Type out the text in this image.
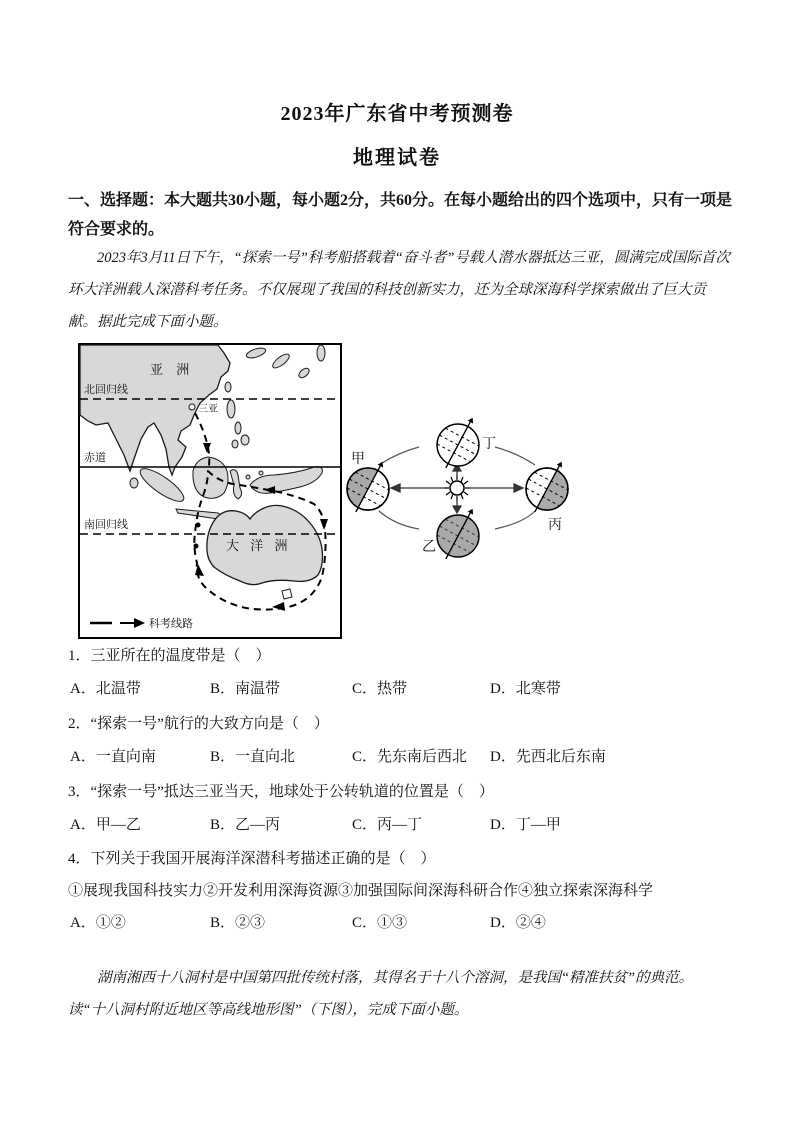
2023年广东省中考预测卷
地理试卷

一、选择题：本大题共30小题，每小题2分，共60分。在每小题给出的四个选项中，只有一项是符合要求的。

2023年3月11日下午，“探索一号”科考船搭载着“奋斗者”号载人潜水器抵达三亚，圆满完成国际首次环大洋洲载人深潜科考任务。不仅展现了我国的科技创新实力，还为全球深海科学探索做出了巨大贡献。据此完成下面小题。

亚 洲
北回归线
三亚
赤道
南回归线
大 洋 洲
科考线路
甲
丁
丙
乙
1．三亚所在的温度带是（　）
A．北温带	B．南温带	C．热带	D．北寒带
2．“探索一号”航行的大致方向是（　）
A．一直向南	B．一直向北	C．先东南后西北 D．先西北后东南
3．“探索一号”抵达三亚当天，地球处于公转轨道的位置是（　）
A．甲—乙	B．乙—丙	C．丙—丁	D．丁—甲
4．下列关于我国开展海洋深潜科考描述正确的是（　）
①展现我国科技实力②开发利用深海资源③加强国际间深海科研合作④独立探索深海科学
A．①②	B．②③	C．①③	D．②④

湖南湘西十八洞村是中国第四批传统村落，其得名于十八个溶洞，是我国“精准扶贫”的典范。读“十八洞村附近地区等高线地形图”（下图），完成下面小题。
